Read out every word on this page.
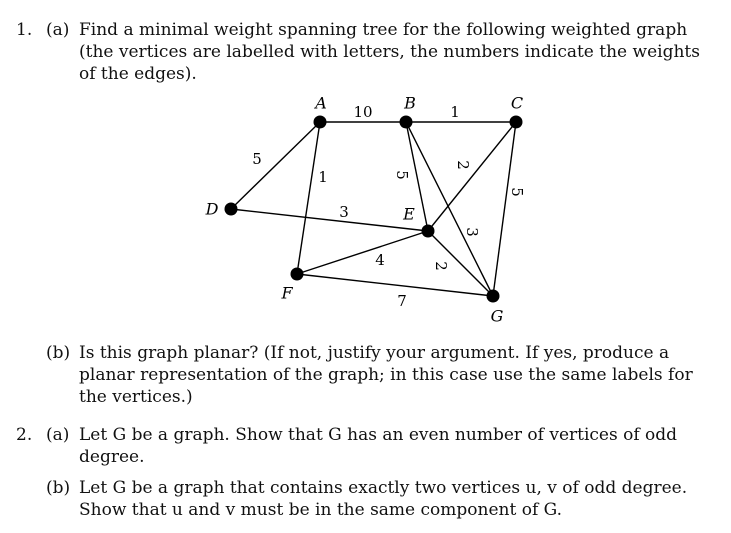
1. (a) Find a minimal weight spanning tree for the following weighted graph
(the vertices are labelled with letters, the numbers indicate the weights
of the edges).
10	1
5
1
3
5
2
3
5
4	2
7
A	B	C
D	E
F
G
(b) Is this graph planar? (If not, justify your argument. If yes, produce a
planar representation of the graph; in this case use the same labels for
the vertices.)
2. (a) Let G be a graph. Show that G has an even number of vertices of odd
degree.
(b) Let G be a graph that contains exactly two vertices u, v of odd degree.
Show that u and v must be in the same component of G.
